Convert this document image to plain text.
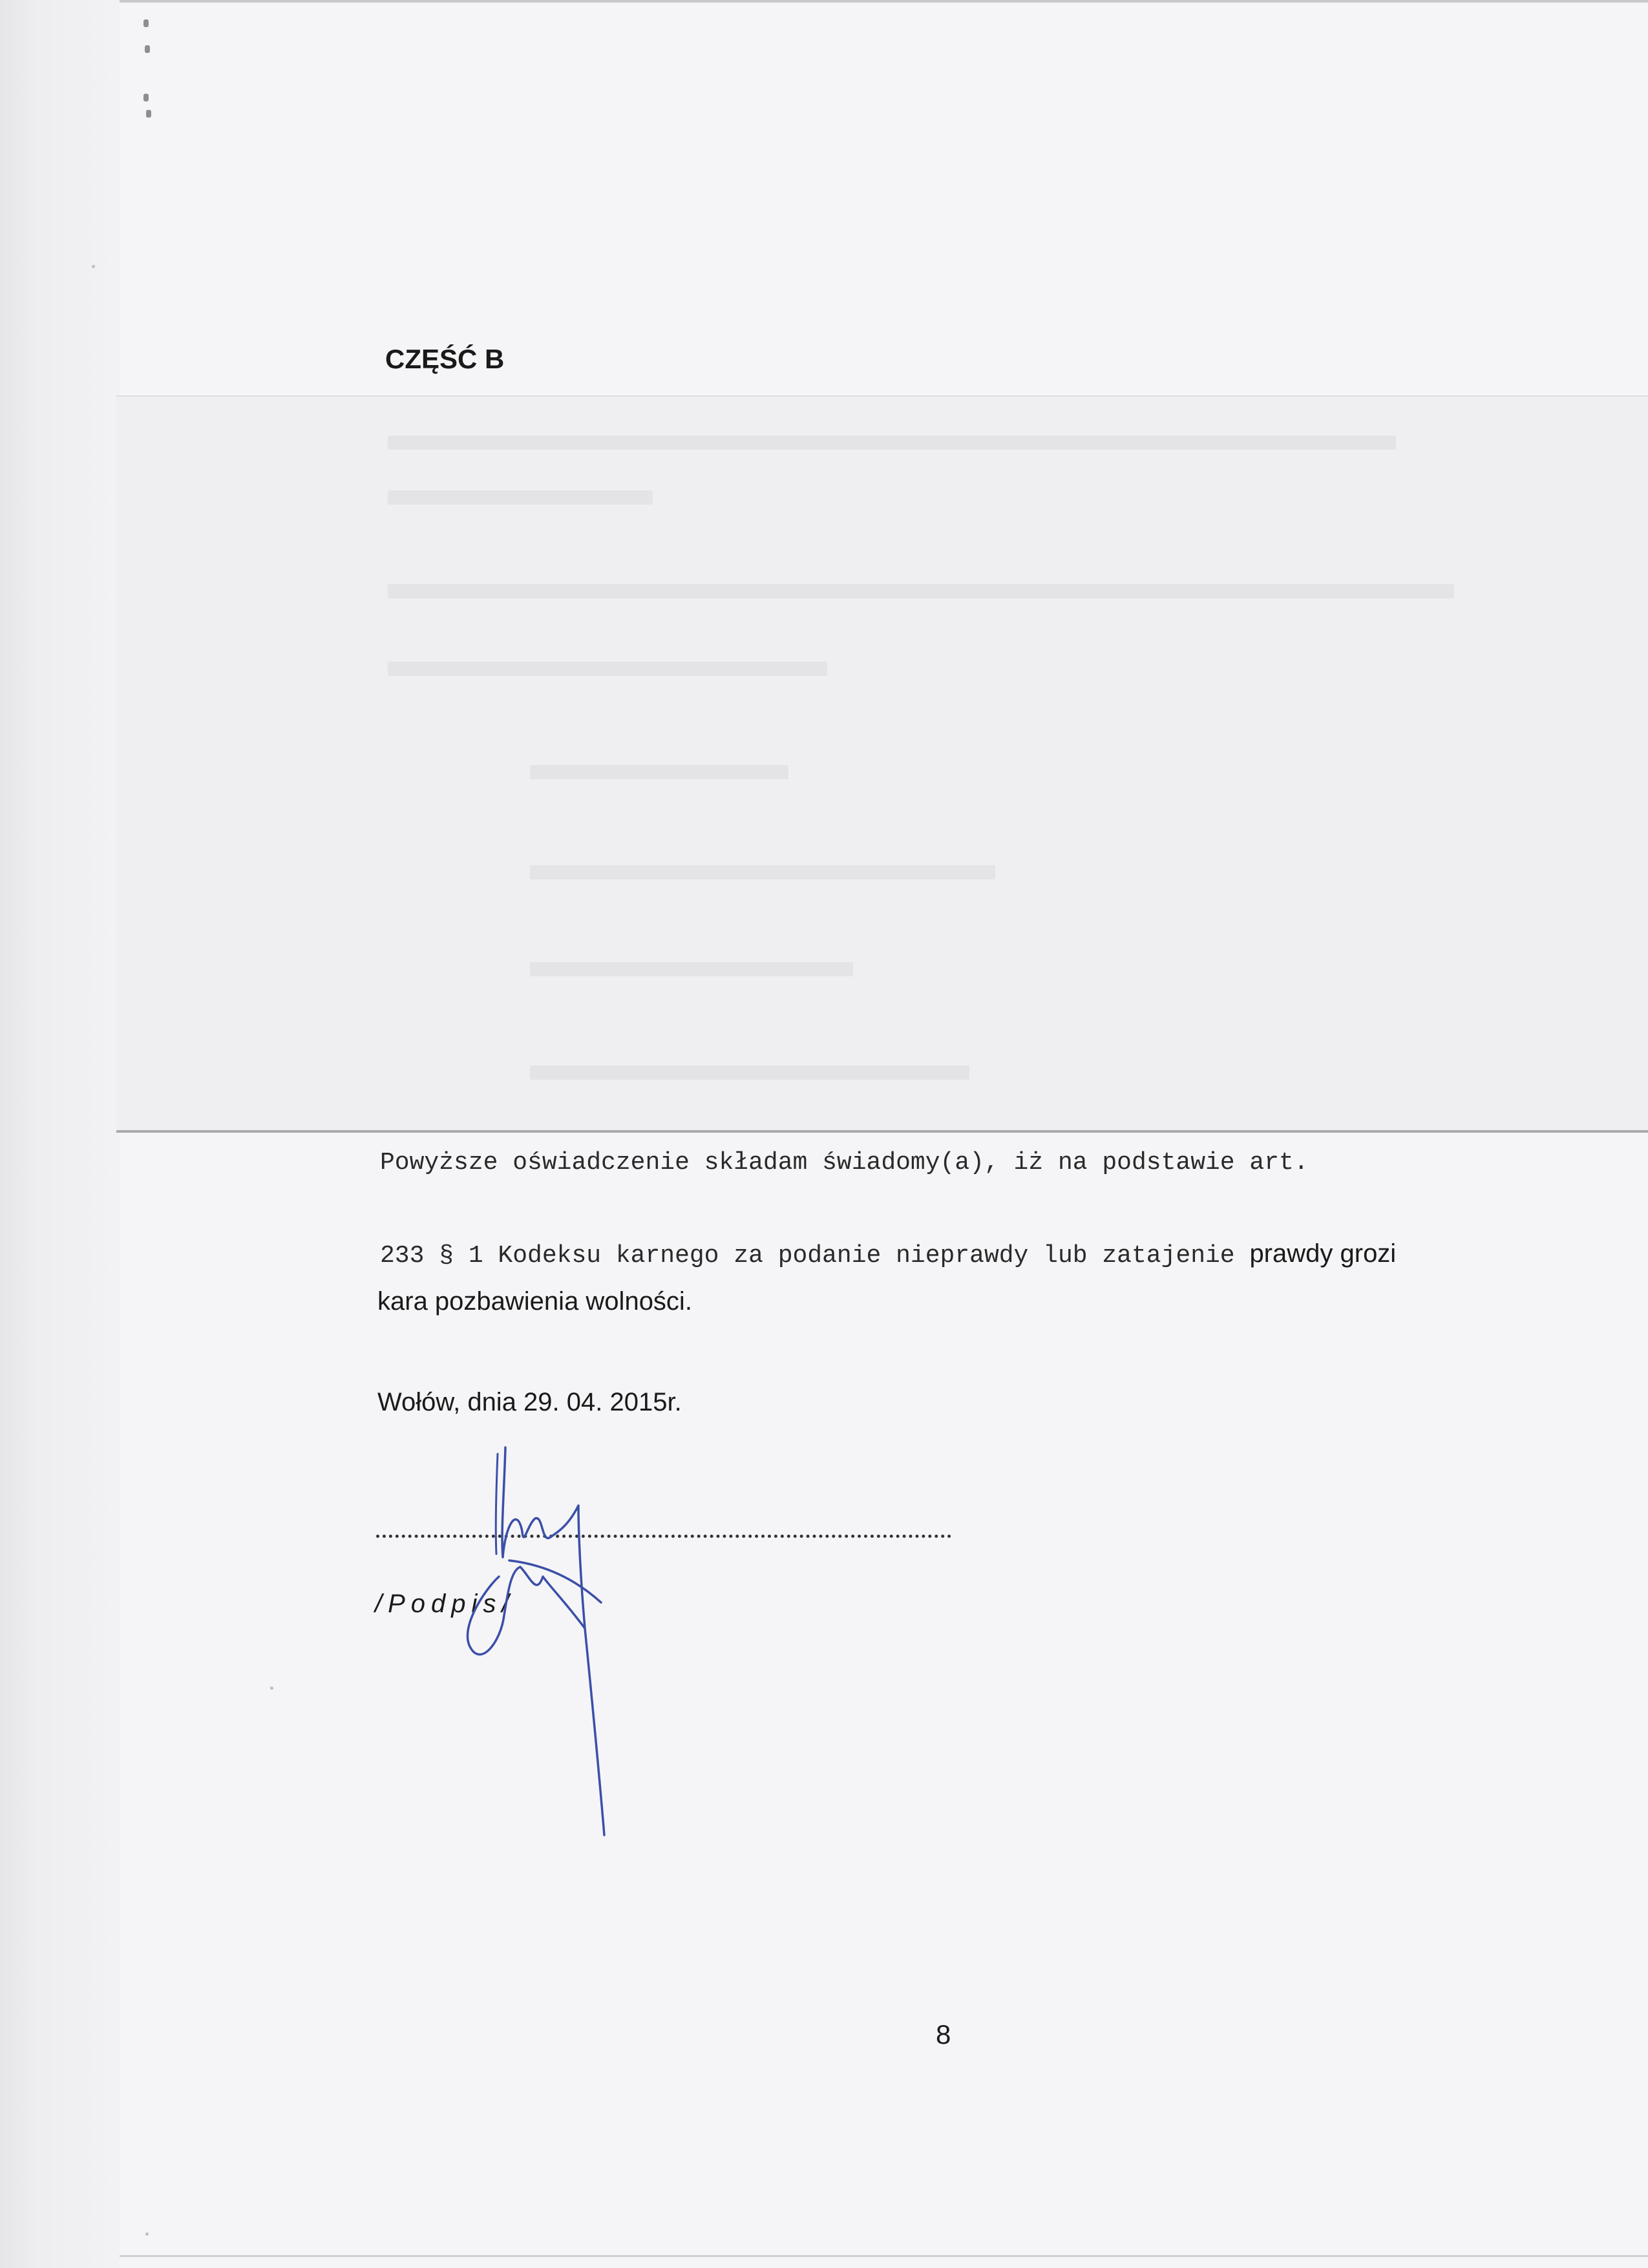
CZĘŚĆ B

Powyższe oświadczenie składam świadomy(a), iż na podstawie art.

233 § 1 Kodeksu karnego za podanie nieprawdy lub zatajenie prawdy grozi

kara pozbawienia wolności.

Wołów, dnia 29. 04. 2015r.

/Podpis/
8
